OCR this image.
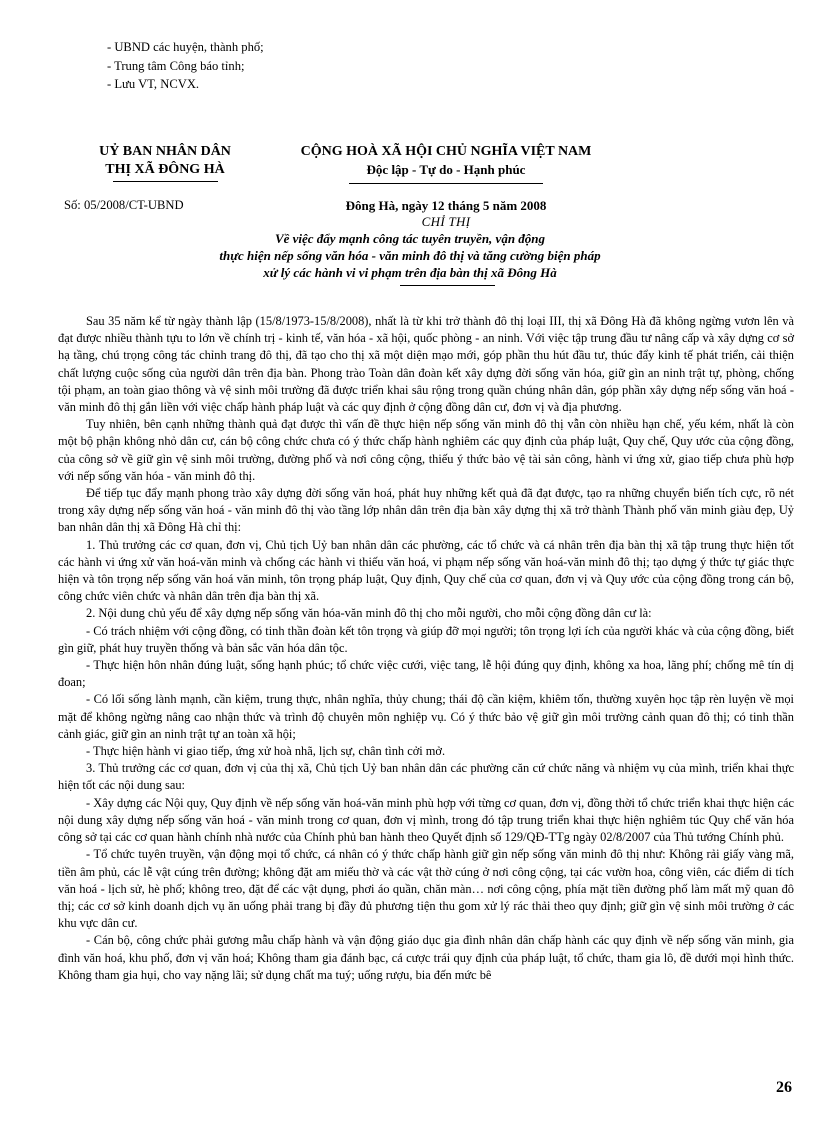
- UBND các huyện, thành phố;
- Trung tâm Công báo tỉnh;
- Lưu VT, NCVX.
UỶ BAN NHÂN DÂN
THỊ XÃ ĐÔNG HÀ
CỘNG HOÀ XÃ HỘI CHỦ NGHĨA VIỆT NAM
Độc lập - Tự do - Hạnh phúc
Số: 05/2008/CT-UBND	Đông Hà, ngày 12 tháng 5 năm 2008
CHỈ THỊ
Về việc đẩy mạnh công tác tuyên truyền, vận động
thực hiện nếp sống văn hóa - văn minh đô thị và tăng cường biện pháp
xử lý các hành vi vi phạm trên địa bàn thị xã Đông Hà

Sau 35 năm kể từ ngày thành lập (15/8/1973-15/8/2008), nhất là từ khi trở thành đô thị loại III, thị xã Đông Hà đã không ngừng vươn lên và đạt được nhiều thành tựu to lớn về chính trị - kinh tế, văn hóa - xã hội, quốc phòng - an ninh. Với việc tập trung đầu tư nâng cấp và xây dựng cơ sở hạ tầng, chú trọng công tác chỉnh trang đô thị, đã tạo cho thị xã một diện mạo mới, góp phần thu hút đầu tư, thúc đẩy kinh tế phát triển, cải thiện chất lượng cuộc sống của người dân trên địa bàn. Phong trào Toàn dân đoàn kết xây dựng đời sống văn hóa, giữ gìn an ninh trật tự, phòng, chống tội phạm, an toàn giao thông và vệ sinh môi trường đã được triển khai sâu rộng trong quần chúng nhân dân, góp phần xây dựng nếp sống văn hoá - văn minh đô thị gắn liền với việc chấp hành pháp luật và các quy định ở cộng đồng dân cư, đơn vị và địa phương.

Tuy nhiên, bên cạnh những thành quả đạt được thì vấn đề thực hiện nếp sống văn minh đô thị vẫn còn nhiều hạn chế, yếu kém, nhất là còn một bộ phận không nhỏ dân cư, cán bộ công chức chưa có ý thức chấp hành nghiêm các quy định của pháp luật, Quy chế, Quy ước của cộng đồng, của công sở về giữ gìn vệ sinh môi trường, đường phố và nơi công cộng, thiếu ý thức bảo vệ tài sản công, hành vi ứng xử, giao tiếp chưa phù hợp với nếp sống văn hóa - văn minh đô thị.

Để tiếp tục đẩy mạnh phong trào xây dựng đời sống văn hoá, phát huy những kết quả đã đạt được, tạo ra những chuyển biến tích cực, rõ nét trong xây dựng nếp sống văn hoá - văn minh đô thị vào tầng lớp nhân dân trên địa bàn xây dựng thị xã trở thành Thành phố văn minh giàu đẹp, Uỷ ban nhân dân thị xã Đông Hà chỉ thị:

1. Thủ trưởng các cơ quan, đơn vị, Chủ tịch Uỷ ban nhân dân các phường, các tổ chức và cá nhân trên địa bàn thị xã tập trung thực hiện tốt các hành vi ứng xử văn hoá-văn minh và chống các hành vi thiếu văn hoá, vi phạm nếp sống văn hoá-văn minh đô thị; tạo dựng ý thức tự giác thực hiện và tôn trọng nếp sống văn hoá văn minh, tôn trọng pháp luật, Quy định, Quy chế của cơ quan, đơn vị và Quy ước của cộng đồng trong cán bộ, công chức viên chức và nhân dân trên địa bàn thị xã.

2. Nội dung chủ yếu để xây dựng nếp sống văn hóa-văn minh đô thị cho mỗi người, cho mỗi cộng đồng dân cư là:

- Có trách nhiệm với cộng đồng, có tinh thần đoàn kết tôn trọng và giúp đỡ mọi người; tôn trọng lợi ích của người khác và của cộng đồng, biết gìn giữ, phát huy truyền thống và bản sắc văn hóa dân tộc.

- Thực hiện hôn nhân đúng luật, sống hạnh phúc; tổ chức việc cưới, việc tang, lễ hội đúng quy định, không xa hoa, lãng phí; chống mê tín dị đoan;

- Có lối sống lành mạnh, cần kiệm, trung thực, nhân nghĩa, thủy chung; thái độ cần kiệm, khiêm tốn, thường xuyên học tập rèn luyện về mọi mặt để không ngừng nâng cao nhận thức và trình độ chuyên môn nghiệp vụ. Có ý thức bảo vệ giữ gìn môi trường cảnh quan đô thị; có tinh thần cảnh giác, giữ gìn an ninh trật tự an toàn xã hội;

- Thực hiện hành vi giao tiếp, ứng xử hoà nhã, lịch sự, chân tình cởi mở.

3. Thủ trưởng các cơ quan, đơn vị của thị xã, Chủ tịch Uỷ ban nhân dân các phường căn cứ chức năng và nhiệm vụ của mình, triển khai thực hiện tốt các nội dung sau:

- Xây dựng các Nội quy, Quy định về nếp sống văn hoá-văn minh phù hợp với từng cơ quan, đơn vị, đồng thời tổ chức triển khai thực hiện các nội dung xây dựng nếp sống văn hoá - văn minh trong cơ quan, đơn vị mình, trong đó tập trung triển khai thực hiện nghiêm túc Quy chế văn hóa công sở tại các cơ quan hành chính nhà nước của Chính phủ ban hành theo Quyết định số 129/QĐ-TTg ngày 02/8/2007 của Thủ tướng Chính phủ.

- Tổ chức tuyên truyền, vận động mọi tổ chức, cá nhân có ý thức chấp hành giữ gìn nếp sống văn minh đô thị như: Không rải giấy vàng mã, tiền âm phủ, các lễ vật cúng trên đường; không đặt am miếu thờ và các vật thờ cúng ở nơi công cộng, tại các vườn hoa, công viên, các điểm di tích văn hoá - lịch sử, hè phố; không treo, đặt để các vật dụng, phơi áo quần, chăn màn… nơi công cộng, phía mặt tiền đường phố làm mất mỹ quan đô thị; các cơ sở kinh doanh dịch vụ ăn uống phải trang bị đầy đủ phương tiện thu gom xử lý rác thải theo quy định; giữ gìn vệ sinh môi trường ở các khu vực dân cư.

- Cán bộ, công chức phải gương mẫu chấp hành và vận động giáo dục gia đình nhân dân chấp hành các quy định về nếp sống văn minh, gia đình văn hoá, khu phố, đơn vị văn hoá; Không tham gia đánh bạc, cá cược trái quy định của pháp luật, tổ chức, tham gia lô, đề dưới mọi hình thức. Không tham gia hụi, cho vay nặng lãi; sử dụng chất ma tuý; uống rượu, bia đến mức bê

26
